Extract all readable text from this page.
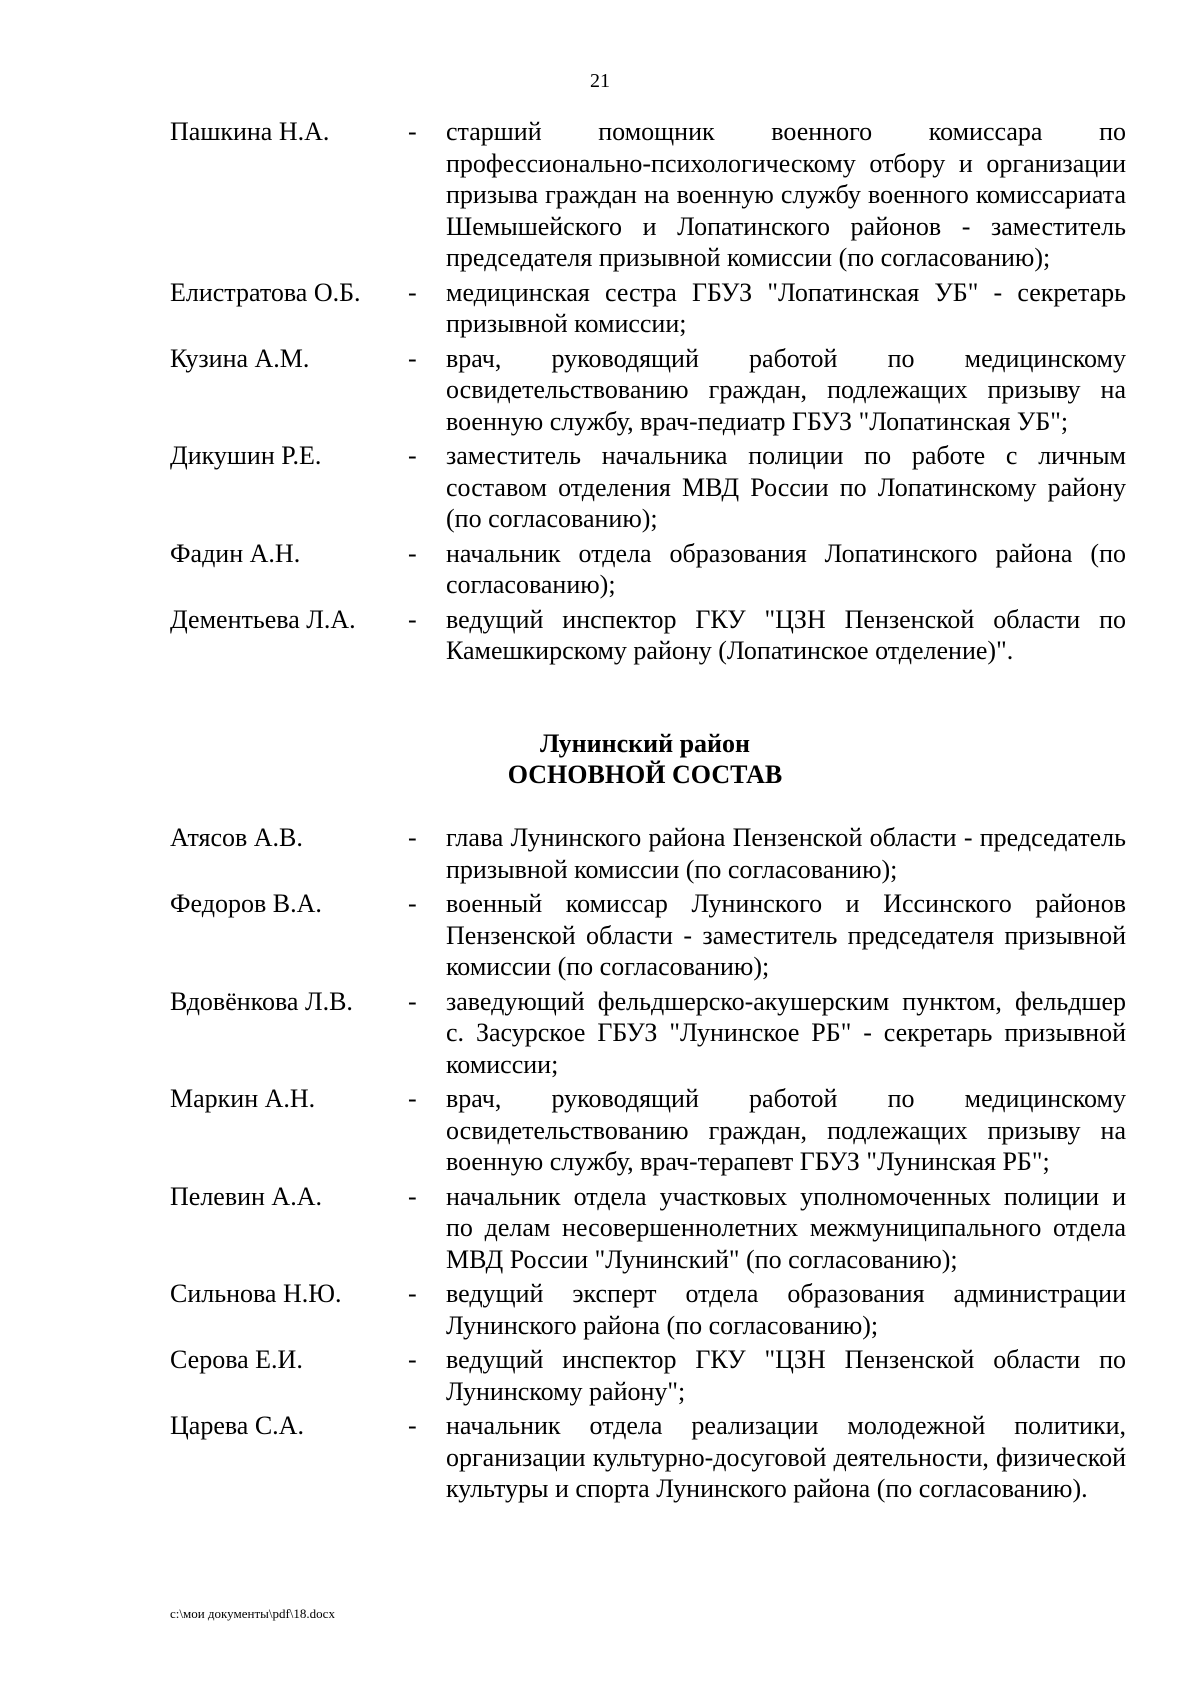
21
Пашкина Н.А.	-	старший помощник военного комиссара по профессионально-психологическому отбору и организации призыва граждан на военную службу военного комиссариата Шемышейского и Лопатинского районов - заместитель председателя призывной комиссии (по согласованию);
Елистратова О.Б.	-	медицинская сестра ГБУЗ "Лопатинская УБ" - секретарь призывной комиссии;
Кузина А.М.	-	врач, руководящий работой по медицинскому освидетельствованию граждан, подлежащих призыву на военную службу, врач-педиатр ГБУЗ "Лопатинская УБ";
Дикушин Р.Е.	-	заместитель начальника полиции по работе с личным составом отделения МВД России по Лопатинскому району (по согласованию);
Фадин А.Н.	-	начальник отдела образования Лопатинского района (по согласованию);
Дементьева Л.А.	-	ведущий инспектор ГКУ "ЦЗН Пензенской области по Камешкирскому району (Лопатинское отделение)".
Лунинский район
ОСНОВНОЙ СОСТАВ
Атясов А.В.	-	глава Лунинского района Пензенской области - председатель призывной комиссии (по согласованию);
Федоров В.А.	-	военный комиссар Лунинского и Иссинского районов Пензенской области - заместитель председателя призывной комиссии (по согласованию);
Вдовёнкова Л.В.	-	заведующий фельдшерско-акушерским пунктом, фельдшер с. Засурское ГБУЗ "Лунинское РБ" - секретарь призывной комиссии;
Маркин А.Н.	-	врач, руководящий работой по медицинскому освидетельствованию граждан, подлежащих призыву на военную службу, врач-терапевт ГБУЗ "Лунинская РБ";
Пелевин А.А.	-	начальник отдела участковых уполномоченных полиции и по делам несовершеннолетних межмуниципального отдела МВД России "Лунинский" (по согласованию);
Сильнова Н.Ю.	-	ведущий эксперт отдела образования администрации Лунинского района (по согласованию);
Серова Е.И.	-	ведущий инспектор ГКУ "ЦЗН Пензенской области по Лунинскому району";
Царева С.А.	-	начальник отдела реализации молодежной политики, организации культурно-досуговой деятельности, физической культуры и спорта Лунинского района (по согласованию).
c:\мои документы\pdf\18.docx
